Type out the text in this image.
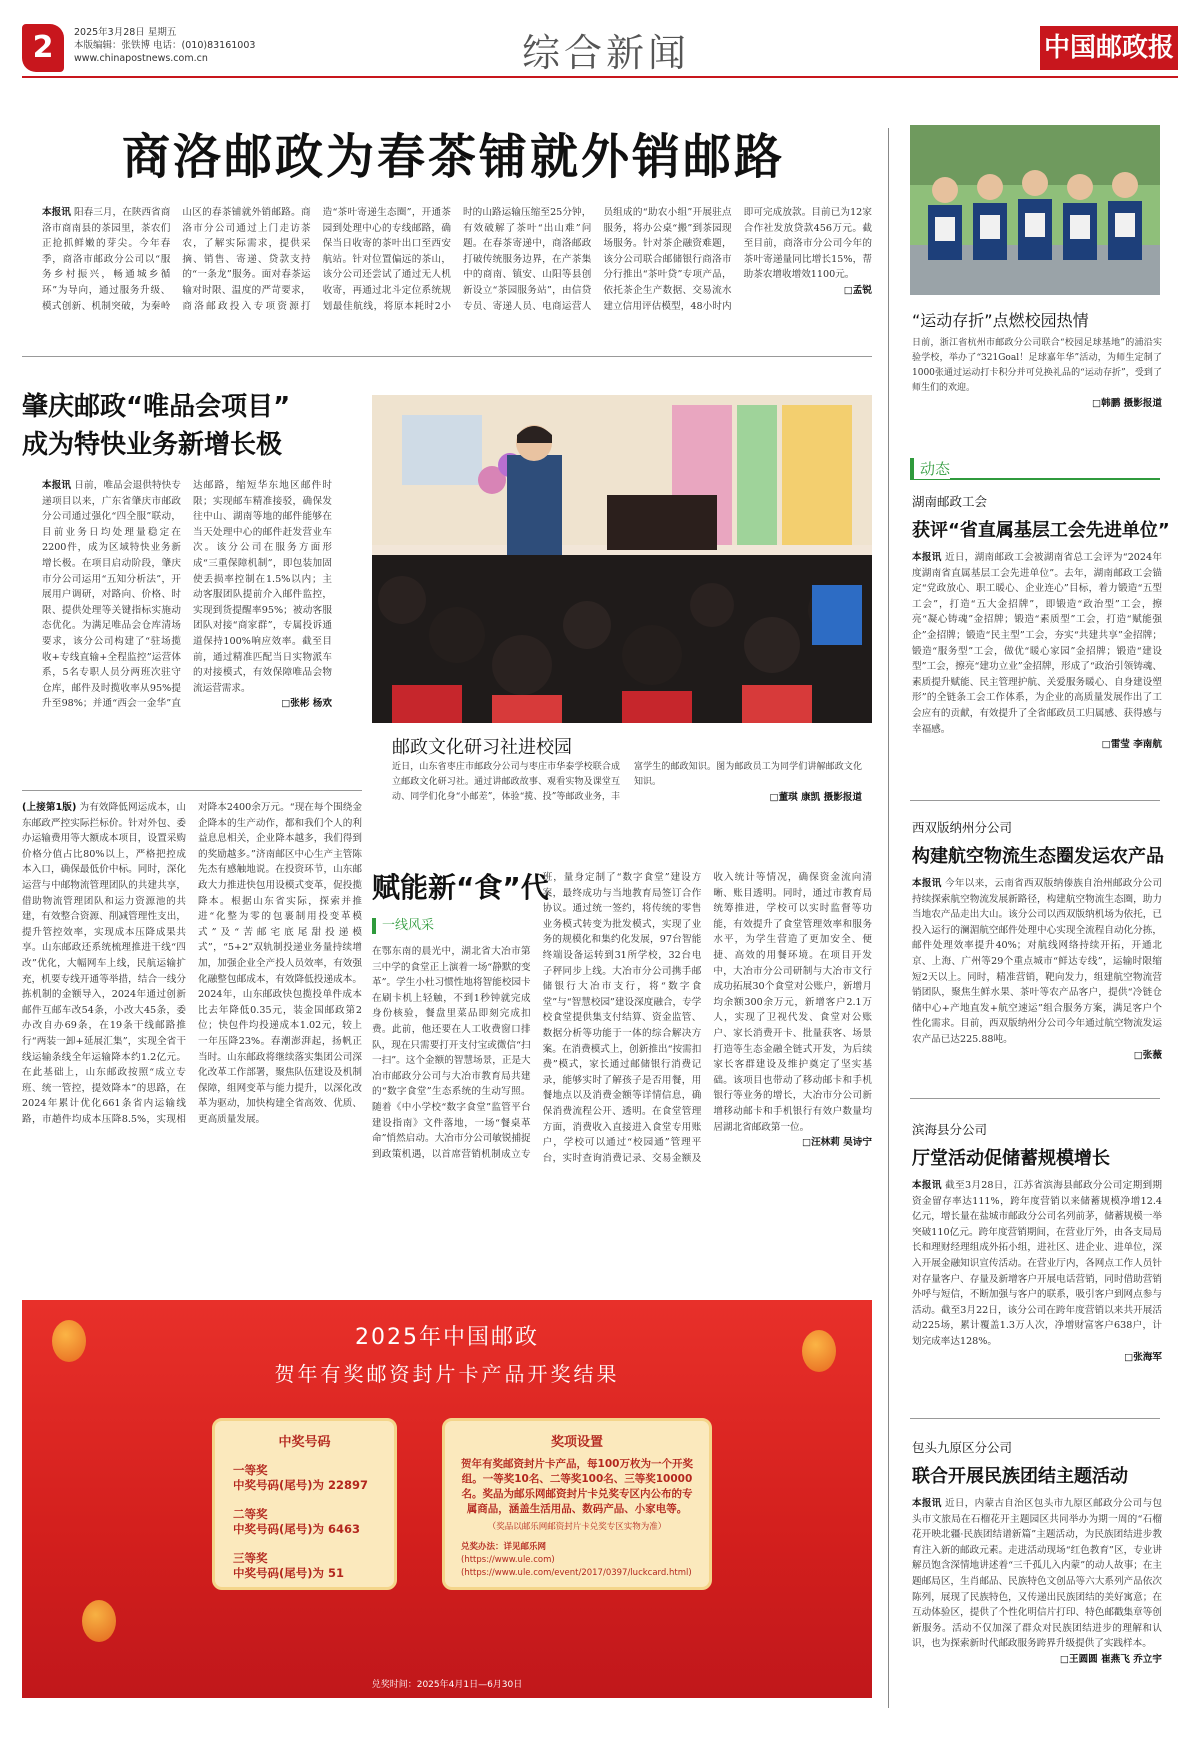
2	2025年3月28日 星期五
本版编辑：张铁博 电话：(010)83161003
www.chinapostnews.com.cn	综合新闻	中国邮政报
商洛邮政为春茶铺就外销邮路
本报讯 阳春三月，在陕西省商洛市商南县的茶园里，茶农们正抢抓鲜嫩的芽尖。今年春季，商洛市邮政分公司以“服务乡村振兴，畅通城乡循环”为导向，通过服务升级、模式创新、机制突破，为秦岭山区的春茶铺就外销邮路。商洛市分公司通过上门走访茶农，了解实际需求，提供采摘、销售、寄递、贷款支持的“一条龙”服务。面对春茶运输对时限、温度的严苛要求，商洛邮政投入专项资源打造“茶叶寄递生态圈”，开通茶园到处理中心的专线邮路，确保当日收寄的茶叶出口至西安航站。针对位置偏远的茶山，该分公司还尝试了通过无人机收寄，再通过北斗定位系统规划最佳航线，将原本耗时2小时的山路运输压缩至25分钟，有效破解了茶叶“出山难”问题。在春茶寄递中，商洛邮政打破传统服务边界，在产茶集中的商南、镇安、山阳等县创新设立“茶园服务站”，由信贷专员、寄递人员、电商运营人员组成的“助农小组”开展驻点服务，将办公桌“搬”到茶园现场服务。针对茶企融资难题，该分公司联合邮储银行商洛市分行推出“茶叶贷”专项产品，依托茶企生产数据、交易流水建立信用评估模型，48小时内即可完成放款。目前已为12家合作社发放贷款456万元。截至目前，商洛市分公司今年的茶叶寄递量同比增长15%，帮助茶农增收增效1100元。
□孟锐
肇庆邮政“唯品会项目”
成为特快业务新增长极
本报讯 日前，唯品会退供特快专递项目以来，广东省肇庆市邮政分公司通过强化“四全服”联动，目前业务日均处理量稳定在2200件，成为区域特快业务新增长极。在项目启动阶段，肇庆市分公司运用“五知分析法”，开展用户调研，对路向、价格、时限、提供处理等关键指标实施动态优化。为满足唯品会仓库清场要求，该分公司构建了“驻场揽收+专线直输+全程监控”运营体系，5名专职人员分两班次驻守仓库，邮件及时揽收率从95%提升至98%；并通“西会一金华”直达邮路，缩短华东地区邮件时限；实现邮车精准接驳，确保发往中山、湖南等地的邮件能够在当天处理中心的邮件赶发营业车次。该分公司在服务方面形成“三重保障机制”，即包装加固使丢损率控制在1.5%以内；主动客服团队提前介入邮件监控，实现到货提醒率95%；被动客服团队对接“商家群”，专属投诉通道保持100%响应效率。截至目前，通过精准匹配当日实物派车的对接模式，有效保障唯品会物流运营需求。
□张彬 杨欢
邮政文化研习社进校园
近日，山东省枣庄市邮政分公司与枣庄市华泰学校联合成立邮政文化研习社。通过讲邮政故事、观看实物及课堂互动、同学们化身“小邮差”，体验“揽、投”等邮政业务，丰富学生的邮政知识。图为邮政员工为同学们讲解邮政文化知识。
□董琪 康凯 摄影报道
(上接第1版) 为有效降低网运成本，山东邮政严控实际拦标价。针对外包、委办运输费用等大额成本项目，设置采购价格分值占比80%以上，严格把控成本入口，确保最低价中标。同时，深化运营与中邮物流管理团队的共建共享，借助物流管理团队和运力资源池的共建，有效整合资源、削减管理性支出，提升管控效率，实现成本压降成果共享。山东邮政还系统梳理推进干线“四改”优化，大幅网车上线，民航运输扩充，机要专线开通等举措，结合一线分拣机制的金额导入，2024年通过创新邮件互邮车改54条，小改大45条，委办改自办69条，在19条干线邮路推行“两装一卸+延展汇集”，实现全省干线运输条线全年运输降本约1.2亿元。在此基础上，山东邮政按照“成立专班、统一管控，提效降本”的思路，在2024年累计优化661条省内运输线路，市趟件均成本压降8.5%，实现相对降本2400余万元。“现在每个围绕金企降本的生产动作，都和我们个人的利益息息相关，企业降本越多，我们得到的奖励越多。”济南邮区中心生产主管陈先杰有感触地说。在投资环节，山东邮政大力推进快包用设模式变革，促投揽降本。根据山东省实际，探索并推进“化整为零的包裹制用投变革模式”及“苦邮宅底尾甜投递模式”，“5+2”双轨制投递业务量持续增加，加强企业全产投人员效率，有效强化融整包邮成本，有效降低投递成本。2024年，山东邮政快包揽投单件成本比去年降低0.35元，装金国邮政第2位；快包件均投递成本1.02元，较上一年压降23%。春潮澎湃起，扬帆正当时。山东邮政将继续落实集团公司深化改革工作部署，聚焦队伍建设及机制保障，组网变革与能力提升，以深化改革为驱动，加快构建全省高效、优质、更高质量发展。
赋能新“食”代
一线风采
在鄂东南的晨光中，湖北省大冶市第三中学的食堂正上演着一场“静默的变革”。学生小杜习惯性地将智能校园卡在刷卡机上轻触，不到1秒钟就完成身份核验，餐盘里菜品即刻完成扣费。此前，他还要在人工收费窗口排队，现在只需要打开支付宝或微信“扫一扫”。这个金额的智慧场景，正是大冶市邮政分公司与大冶市教育局共建的“数字食堂”生态系统的生动写照。随着《中小学校“数字食堂”监管平台建设指南》文件落地，一场“餐桌革命”悄然启动。大冶市分公司敏锐捕捉到政策机遇，以首席营销机制成立专班，量身定制了“数字食堂”建设方案，最终成功与当地教育局签订合作协议。通过统一签约，将传统的零售业务模式转变为批发模式，实现了业务的规模化和集约化发展，97台智能终端设备运转到31所学校，32台电子秤同步上线。大冶市分公司携手邮储银行大冶市支行，将“数字食堂”与“智慧校园”建设深度融合，专学校食堂提供集支付结算、资金监管、数据分析等功能于一体的综合解决方案。在消费模式上，创新推出“按需扣费”模式，家长通过邮储银行消费记录，能够实时了解孩子是否用餐，用餐地点以及消费金额等详情信息，确保消费流程公开、透明。在食堂管理方面，消费收入直接进入食堂专用账户，学校可以通过“校园通”管理平台，实时查询消费记录、交易金额及收入统计等情况，确保资金流向清晰、账目透明。同时，通过市教育局统筹推进，学校可以实时监督等功能，有效提升了食堂管理效率和服务水平，为学生营造了更加安全、便捷、高效的用餐环境。在项目开发中，大冶市分公司研制与大冶市文行成功拓展30个食堂对公账户，新增月均余额300余万元，新增客户2.1万人，实现了卫视代发、食堂对公账户、家长消费开卡、批量获客、场景打造等生态金融全链式开发，为后续家长客群建设及维护奠定了坚实基础。该项目也带动了移动邮卡和手机银行等业务的增长，大冶市分公司新增移动邮卡和手机银行有效户数量均居湖北省邮政第一位。
□汪林莉 吴诗宁
“运动存折”点燃校园热情
日前，浙江省杭州市邮政分公司联合“校园足球基地”的浦沿实验学校，举办了“321Goal！足球嘉年华”活动，为师生定制了1000张通过运动打卡积分并可兑换礼品的“运动存折”，受到了师生们的欢迎。
□韩鹏 摄影报道
动态
湖南邮政工会
获评“省直属基层工会先进单位”
本报讯 近日，湖南邮政工会被湖南省总工会评为“2024年度湖南省直属基层工会先进单位”。去年，湖南邮政工会锚定“党政放心、职工暖心、企业连心”目标，着力锻造“五型工会”，打造“五大金招牌”，即锻造“政治型”工会，擦亮“凝心铸魂”金招牌；锻造“素质型”工会，打造“赋能强企”金招牌；锻造“民主型”工会，夯实“共建共享”金招牌；锻造“服务型”工会，做优“暖心家园”金招牌；锻造“建设型”工会，擦亮“建功立业”金招牌，形成了“政治引领铸魂、素质提升赋能、民主管理护航、关爱服务暖心、自身建设塑形”的全链条工会工作体系，为企业的高质量发展作出了工会应有的贡献，有效提升了全省邮政员工归属感、获得感与幸福感。
□雷莹 李南航
西双版纳州分公司
构建航空物流生态圈发运农产品
本报讯 今年以来，云南省西双版纳傣族自治州邮政分公司持续探索航空物流发展新路径，构建航空物流生态圈，助力当地农产品走出大山。该分公司以西双版纳机场为依托，已投入运行的澜湄航空邮件处理中心实现全流程自动化分拣，邮件处理效率提升40%；对航线网络持续开拓，开通北京、上海、广州等29个重点城市“鲜达专线”，运输时限缩短2天以上。同时，精准营销，靶向发力，组建航空物流营销团队，聚焦生鲜水果、茶叶等农产品客户，提供“冷链仓储中心+产地直发+航空速运”组合服务方案，满足客户个性化需求。目前，西双版纳州分公司今年通过航空物流发运农产品已达225.88吨。
□张薇
滨海县分公司
厅堂活动促储蓄规模增长
本报讯 截至3月28日，江苏省滨海县邮政分公司定期到期资金留存率达111%，跨年度营销以来储蓄规模净增12.4亿元，增长量在盐城市邮政分公司名列前茅，储蓄规模一举突破110亿元。跨年度营销期间，在营业厅外，由各支局局长和理财经理组成外拓小组，进社区、进企业、进单位，深入开展金融知识宣传活动。在营业厅内，各网点工作人员针对存量客户、存量及新增客户开展电话营销，同时借助营销外呼与短信，不断加强与客户的联系，吸引客户到网点参与活动。截至3月22日，该分公司在跨年度营销以来共开展活动225场，累计覆盖1.3万人次，净增财富客户638户，计划完成率达128%。
□张海军
包头九原区分公司
联合开展民族团结主题活动
本报讯 近日，内蒙古自治区包头市九原区邮政分公司与包头市文旅局在石榴花开主题园区共同举办为期一周的“石榴花开映北疆·民族团结谱新篇”主题活动，为民族团结进步教育注入新的邮政元素。走进活动现场“红色教育”区，专业讲解员饱含深情地讲述着“三千孤儿入内蒙”的动人故事；在主题邮局区，生肖邮品、民族特色文创品等六大系列产品依次陈列，展现了民族特色，又传递出民族团结的美好寓意；在互动体验区，提供了个性化明信片打印、特色邮戳集章等创新服务。活动不仅加深了群众对民族团结进步的理解和认识，也为探索新时代邮政服务跨界升级提供了实践样本。
□王圆圆 崔燕飞 乔立宇
2025年中国邮政
贺年有奖邮资封片卡产品开奖结果
中奖号码
一等奖
中奖号码(尾号)为 22897
二等奖
中奖号码(尾号)为 6463
三等奖
中奖号码(尾号)为 51
奖项设置
贺年有奖邮资封片卡产品，每100万枚为一个开奖组。一等奖10名、二等奖100名、三等奖10000名。奖品为邮乐网邮资封片卡兑奖专区内公布的专属商品，涵盖生活用品、数码产品、小家电等。
（奖品以邮乐网邮资封片卡兑奖专区实物为准）
兑奖办法：详见邮乐网
(https://www.ule.com)
(https://www.ule.com/event/2017/0397/luckcard.html)
兑奖时间：2025年4月1日—6月30日
